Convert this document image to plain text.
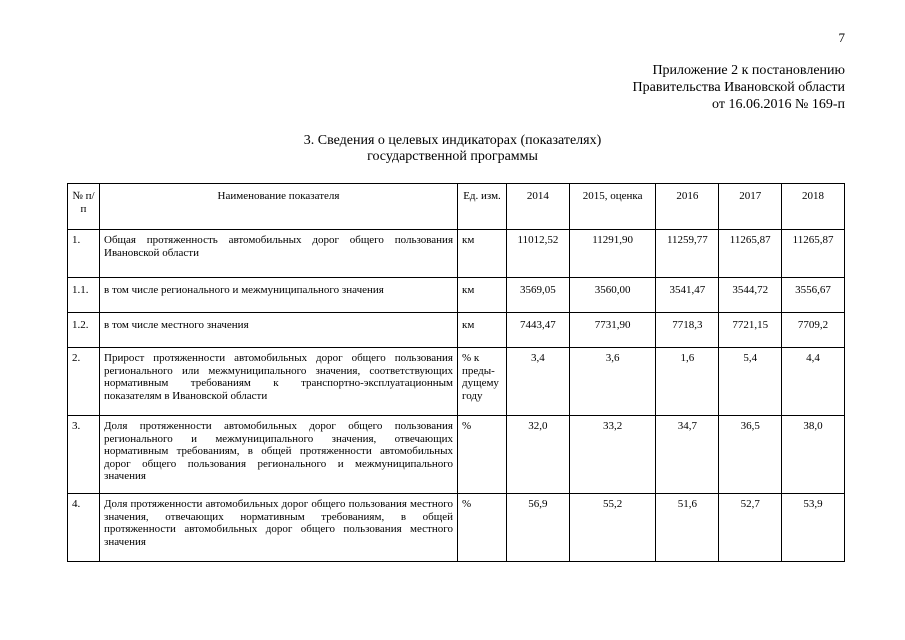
7
Приложение 2 к постановлению
Правительства Ивановской области
от 16.06.2016 № 169-п
3. Сведения о целевых индикаторах (показателях)
государственной программы
№ п/п	Наименование показателя	Ед. изм.	2014	2015, оценка	2016	2017	2018
1.	Общая протяженность автомобильных дорог общего пользования Ивановской области	км	11012,52	11291,90	11259,77	11265,87	11265,87
1.1.	в том числе регионального и межмуниципального значения	км	3569,05	3560,00	3541,47	3544,72	3556,67
1.2.	в том числе местного значения	км	7443,47	7731,90	7718,3	7721,15	7709,2
2.	Прирост протяженности автомобильных дорог общего пользования регионального или межмуниципального значения, соответствующих нормативным требованиям к транспортно-эксплуатационным показателям в Ивановской области	% к преды-дущему году	3,4	3,6	1,6	5,4	4,4
3.	Доля протяженности автомобильных дорог общего пользования регионального и межмуниципального значения, отвечающих нормативным требованиям, в общей протяженности автомобильных дорог общего пользования регионального и межмуниципального значения	%	32,0	33,2	34,7	36,5	38,0
4.	Доля протяженности автомобильных дорог общего пользования местного значения, отвечающих нормативным требованиям, в общей протяженности автомобильных дорог общего пользования местного значения	%	56,9	55,2	51,6	52,7	53,9
